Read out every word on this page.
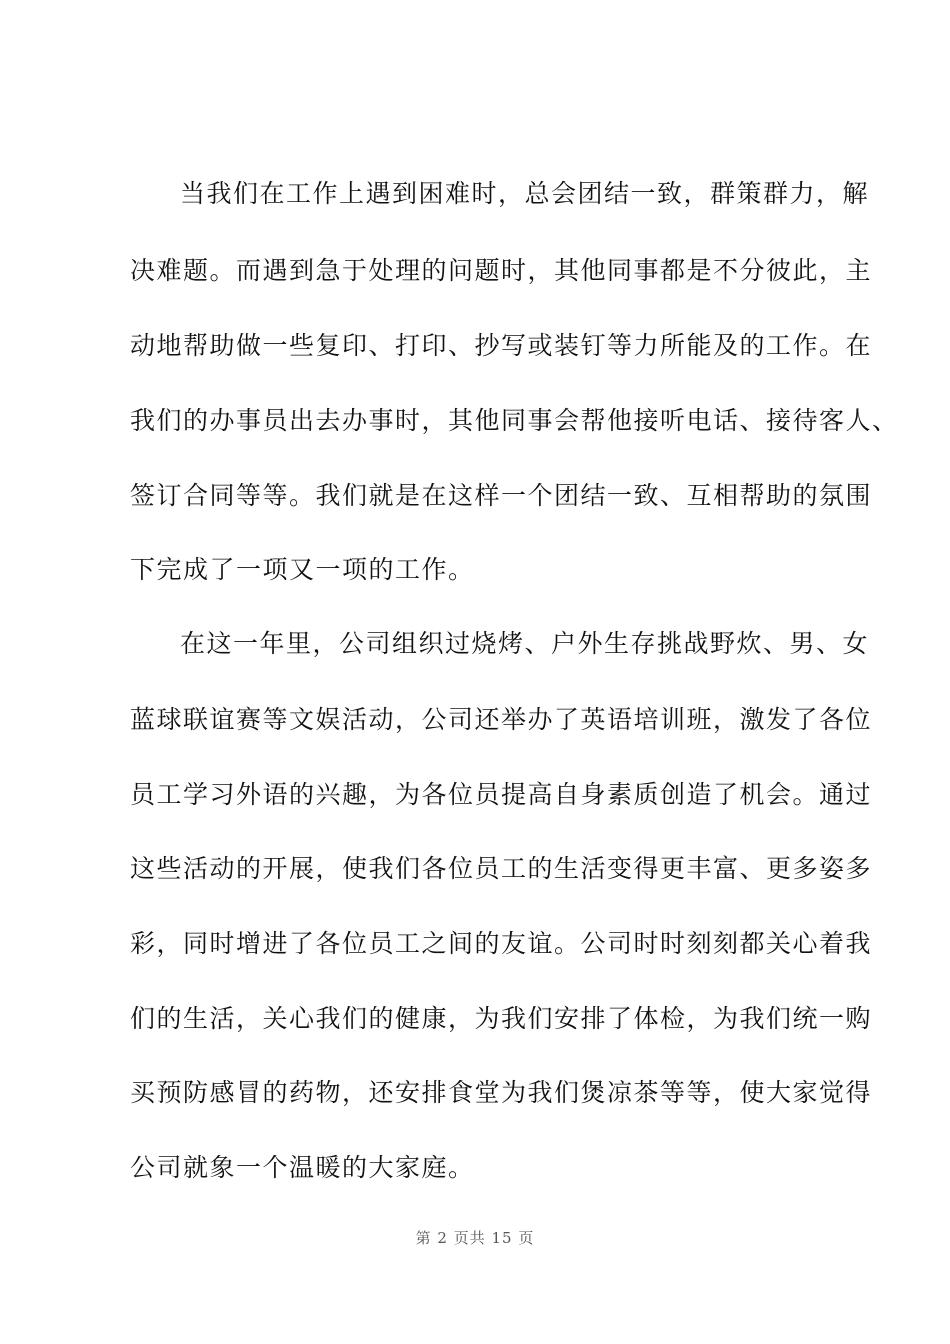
当我们在工作上遇到困难时，总会团结一致，群策群力，解
决难题。而遇到急于处理的问题时，其他同事都是不分彼此，主
动地帮助做一些复印、打印、抄写或装钉等力所能及的工作。在
我们的办事员出去办事时，其他同事会帮他接听电话、接待客人、
签订合同等等。我们就是在这样一个团结一致、互相帮助的氛围
下完成了一项又一项的工作。
在这一年里，公司组织过烧烤、户外生存挑战野炊、男、女
蓝球联谊赛等文娱活动，公司还举办了英语培训班，激发了各位
员工学习外语的兴趣，为各位员提高自身素质创造了机会。通过
这些活动的开展，使我们各位员工的生活变得更丰富、更多姿多
彩，同时增进了各位员工之间的友谊。公司时时刻刻都关心着我
们的生活，关心我们的健康，为我们安排了体检，为我们统一购
买预防感冒的药物，还安排食堂为我们煲凉茶等等，使大家觉得
公司就象一个温暖的大家庭。
第 2 页共 15 页
